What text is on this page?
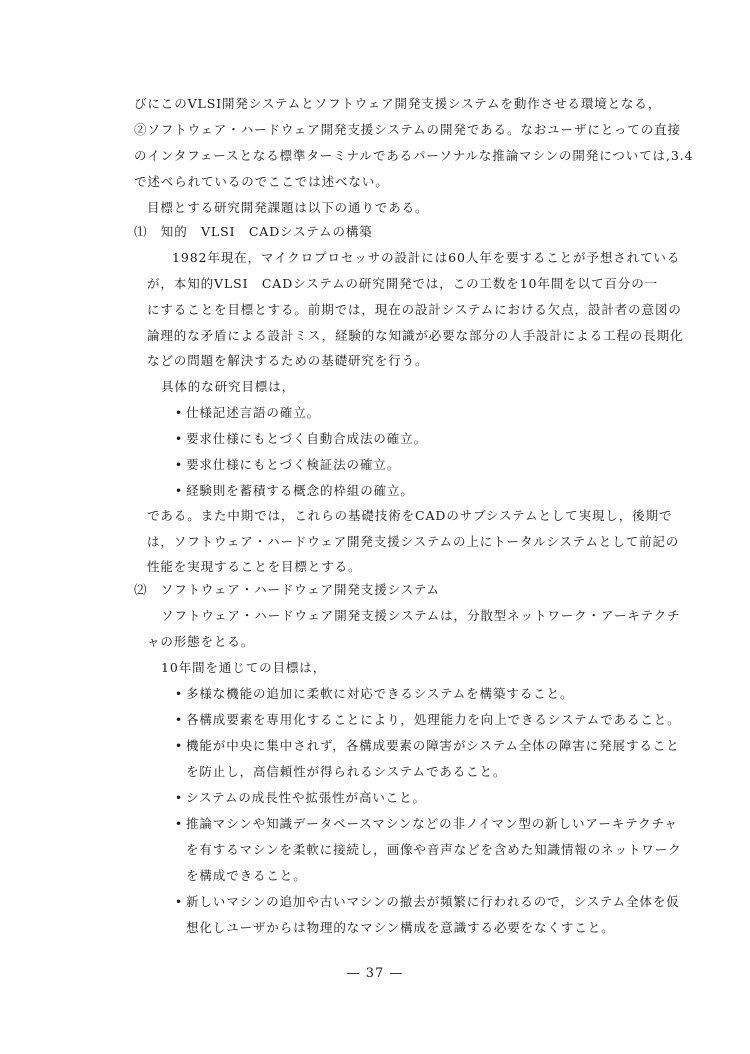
びにこのVLSI開発システムとソフトウェア開発支援システムを動作させる環境となる，
②ソフトウェア・ハードウェア開発支援システムの開発である。なおユーザにとっての直接
のインタフェースとなる標準ターミナルであるパーソナルな推論マシンの開発については,3.4
で述べられているのでここでは述べない。
目標とする研究開発課題は以下の通りである。
⑴　知的　VLSI　CADシステムの構築
1982年現在，マイクロプロセッサの設計には60人年を要することが予想されている
が，本知的VLSI　CADシステムの研究開発では，この工数を10年間を以て百分の一
にすることを目標とする。前期では，現在の設計システムにおける欠点，設計者の意図の
論理的な矛盾による設計ミス，経験的な知識が必要な部分の人手設計による工程の長期化
などの問題を解決するための基礎研究を行う。
具体的な研究目標は，
• 仕様記述言語の確立。
• 要求仕様にもとづく自動合成法の確立。
• 要求仕様にもとづく検証法の確立。
• 経験則を蓄積する概念的枠組の確立。
である。また中期では，これらの基礎技術をCADのサブシステムとして実現し，後期で
は，ソフトウェア・ハードウェア開発支援システムの上にトータルシステムとして前記の
性能を実現することを目標とする。
⑵　ソフトウェア・ハードウェア開発支援システム
ソフトウェア・ハードウェア開発支援システムは，分散型ネットワーク・アーキテクチ
ャの形態をとる。
10年間を通じての目標は，
• 多様な機能の追加に柔軟に対応できるシステムを構築すること。
• 各構成要素を専用化することにより，処理能力を向上できるシステムであること。
• 機能が中央に集中されず，各構成要素の障害がシステム全体の障害に発展すること
を防止し，高信頼性が得られるシステムであること。
• システムの成長性や拡張性が高いこと。
• 推論マシンや知識データベースマシンなどの非ノイマン型の新しいアーキテクチャ
を有するマシンを柔軟に接続し，画像や音声などを含めた知識情報のネットワーク
を構成できること。
• 新しいマシンの追加や古いマシンの撤去が頻繁に行われるので，システム全体を仮
想化しユーザからは物理的なマシン構成を意識する必要をなくすこと。
— 37 —
